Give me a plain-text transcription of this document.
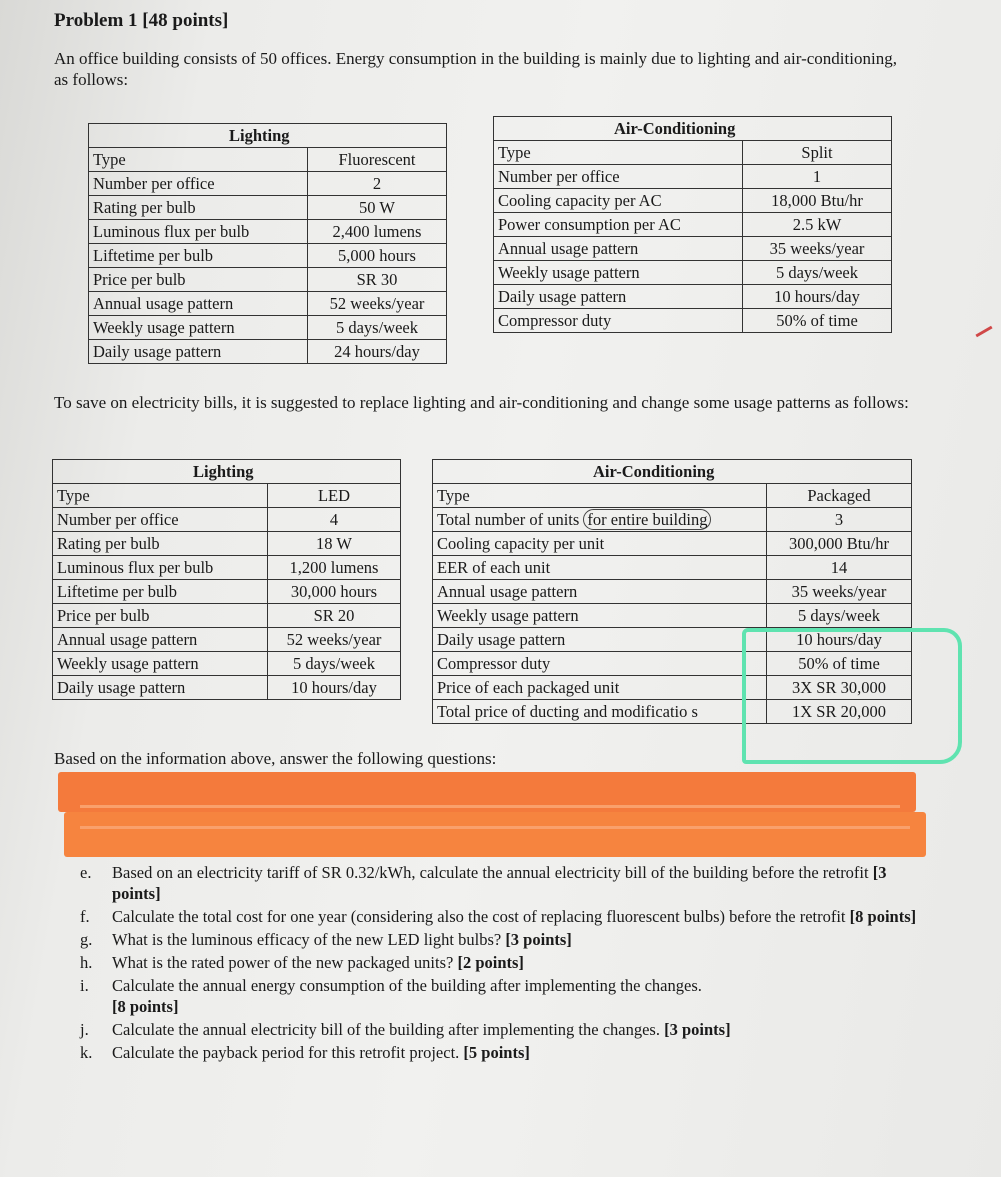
Problem 1 [48 points]
An office building consists of 50 offices. Energy consumption in the building is mainly due to lighting and air-conditioning, as follows:
Lighting	
Type	Fluorescent
Number per office	2
Rating per bulb	50 W
Luminous flux per bulb	2,400 lumens
Liftetime per bulb	5,000 hours
Price per bulb	SR 30
Annual usage pattern	52 weeks/year
Weekly usage pattern	5 days/week
Daily usage pattern	24 hours/day
Air-Conditioning	
Type	Split
Number per office	1
Cooling capacity per AC	18,000 Btu/hr
Power consumption per AC	2.5 kW
Annual usage pattern	35 weeks/year
Weekly usage pattern	5 days/week
Daily usage pattern	10 hours/day
Compressor duty	50% of time
To save on electricity bills, it is suggested to replace lighting and air-conditioning and change some usage patterns as follows:
Lighting	
Type	LED
Number per office	4
Rating per bulb	18 W
Luminous flux per bulb	1,200 lumens
Liftetime per bulb	30,000 hours
Price per bulb	SR 20
Annual usage pattern	52 weeks/year
Weekly usage pattern	5 days/week
Daily usage pattern	10 hours/day
Air-Conditioning	
Type	Packaged
Total number of units for entire building	3
Cooling capacity per unit	300,000 Btu/hr
EER of each unit	14
Annual usage pattern	35 weeks/year
Weekly usage pattern	5 days/week
Daily usage pattern	10 hours/day
Compressor duty	50% of time
Price of each packaged unit	3X SR 30,000
Total price of ducting and modificatio s	1X SR 20,000
Based on the information above, answer the following questions:
e.	Based on an electricity tariff of SR 0.32/kWh, calculate the annual electricity bill of the building before the retrofit [3 points]
f.	Calculate the total cost for one year (considering also the cost of replacing fluorescent bulbs) before the retrofit [8 points]
g.	What is the luminous efficacy of the new LED light bulbs? [3 points]
h.	What is the rated power of the new packaged units? [2 points]
i.	Calculate the annual energy consumption of the building after implementing the changes.
[8 points]
j.	Calculate the annual electricity bill of the building after implementing the changes. [3 points]
k.	Calculate the payback period for this retrofit project. [5 points]
